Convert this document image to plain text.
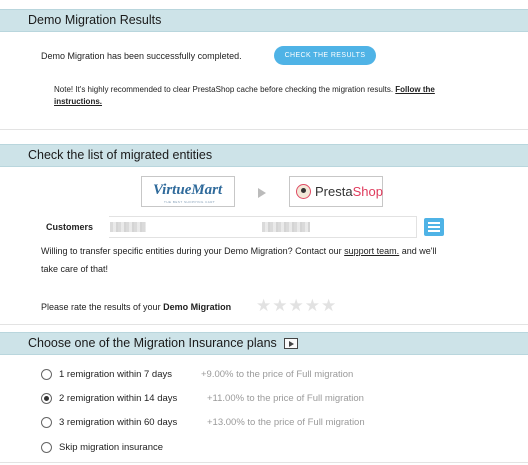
Demo Migration Results
Demo Migration has been successfully completed.	CHECK THE RESULTS
Note! It's highly recommended to clear PrestaShop cache before checking the migration results. Follow the
instructions.
Check the list of migrated entities
VirtueMart
THE BEST SHOPPING CART
PrestaShop
Customers
Willing to transfer specific entities during your Demo Migration? Contact our support team. and we'll
take care of that!
Please rate the results of your Demo Migration ★★★★★
Choose one of the Migration Insurance plans
1 remigration within 7 days	+9.00% to the price of Full migration
2 remigration within 14 days	+11.00% to the price of Full migration
3 remigration within 60 days	+13.00% to the price of Full migration
Skip migration insurance
